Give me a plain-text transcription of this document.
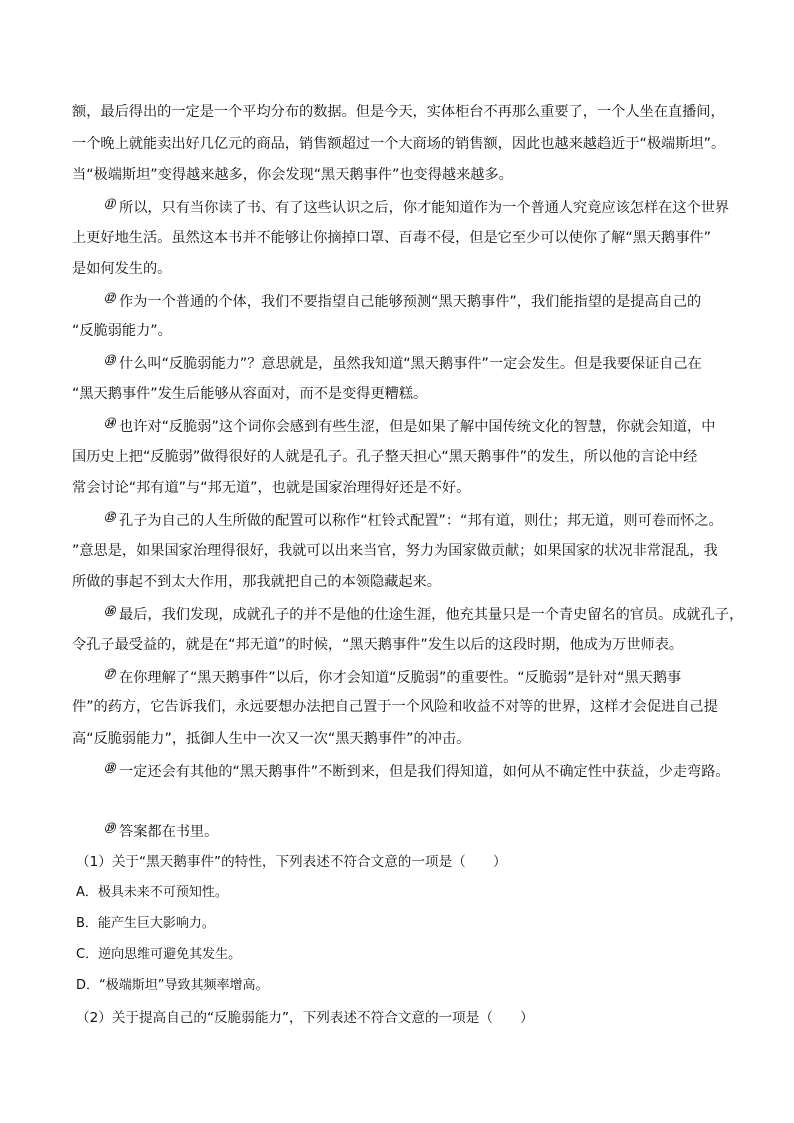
额，最后得出的一定是一个平均分布的数据。但是今天，实体柜台不再那么重要了，一个人坐在直播间，
一个晚上就能卖出好几亿元的商品，销售额超过一个大商场的销售额，因此也越来越趋近于“极端斯坦”。
当“极端斯坦”变得越来越多，你会发现“黑天鹅事件”也变得越来越多。
⑪ 所以，只有当你读了书、有了这些认识之后，你才能知道作为一个普通人究竟应该怎样在这个世界
上更好地生活。虽然这本书并不能够让你摘掉口罩、百毒不侵，但是它至少可以使你了解“黑天鹅事件”
是如何发生的。
⑫ 作为一个普通的个体，我们不要指望自己能够预测“黑天鹅事件”，我们能指望的是提高自己的
“反脆弱能力”。
⑬ 什么叫“反脆弱能力”？意思就是，虽然我知道“黑天鹅事件”一定会发生。但是我要保证自己在
“黑天鹅事件”发生后能够从容面对，而不是变得更糟糕。
⑭ 也许对“反脆弱”这个词你会感到有些生涩，但是如果了解中国传统文化的智慧，你就会知道，中
国历史上把“反脆弱”做得很好的人就是孔子。孔子整天担心“黑天鹅事件”的发生，所以他的言论中经
常会讨论“邦有道”与“邦无道”，也就是国家治理得好还是不好。
⑮ 孔子为自己的人生所做的配置可以称作“杠铃式配置”：“邦有道，则仕；邦无道，则可卷而怀之。
”意思是，如果国家治理得很好，我就可以出来当官，努力为国家做贡献；如果国家的状况非常混乱，我
所做的事起不到太大作用，那我就把自己的本领隐藏起来。
⑯ 最后，我们发现，成就孔子的并不是他的仕途生涯，他充其量只是一个青史留名的官员。成就孔子，
令孔子最受益的，就是在“邦无道”的时候，“黑天鹅事件”发生以后的这段时期，他成为万世师表。
⑰ 在你理解了“黑天鹅事件”以后，你才会知道“反脆弱”的重要性。“反脆弱”是针对“黑天鹅事
件”的药方，它告诉我们，永远要想办法把自己置于一个风险和收益不对等的世界，这样才会促进自己提
高“反脆弱能力”，抵御人生中一次又一次“黑天鹅事件”的冲击。
⑱ 一定还会有其他的“黑天鹅事件”不断到来，但是我们得知道，如何从不确定性中获益，少走弯路。
⑲ 答案都在书里。
（1）关于“黑天鹅事件”的特性，下列表述不符合文意的一项是（　　）
A．极具未来不可预知性。
B．能产生巨大影响力。
C．逆向思维可避免其发生。
D．“极端斯坦”导致其频率增高。
（2）关于提高自己的“反脆弱能力”，下列表述不符合文意的一项是（　　）
